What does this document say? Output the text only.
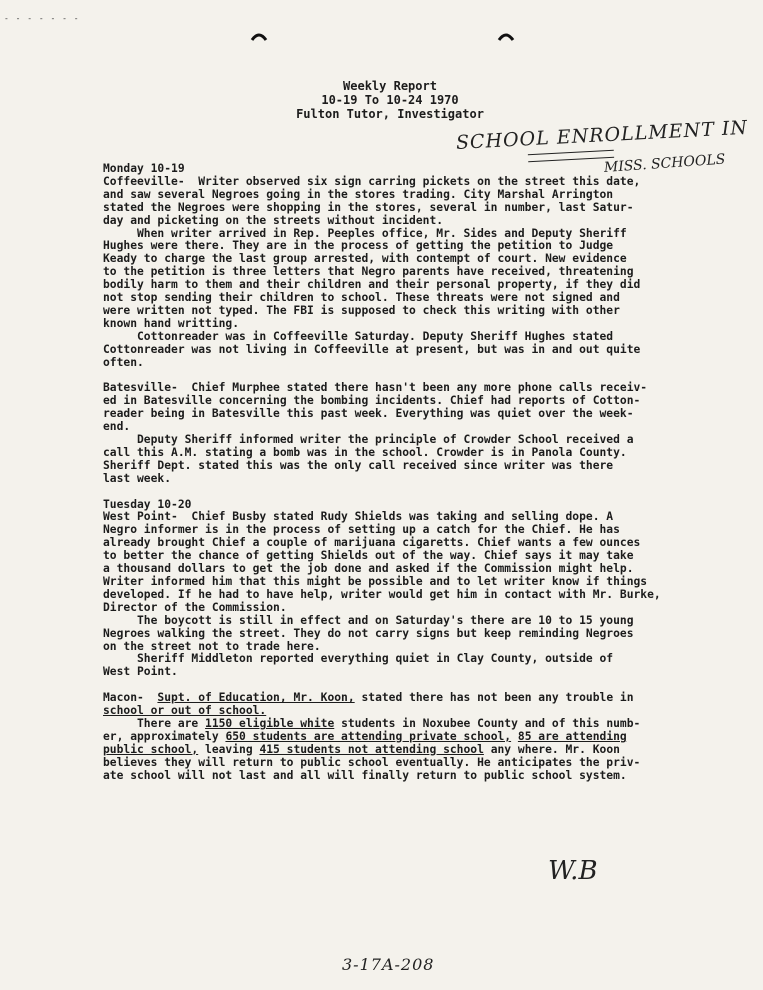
- - - - - - -
Weekly Report
10-19 To 10-24 1970
Fulton Tutor, Investigator
SCHOOL ENROLLMENT IN
MISS. SCHOOLS
Monday 10-19
Coffeeville-  Writer observed six sign carring pickets on the street this date,
and saw several Negroes going in the stores trading. City Marshal Arrington
stated the Negroes were shopping in the stores, several in number, last Satur-
day and picketing on the streets without incident.
When writer arrived in Rep. Peeples office, Mr. Sides and Deputy Sheriff
Hughes were there. They are in the process of getting the petition to Judge
Keady to charge the last group arrested, with contempt of court. New evidence
to the petition is three letters that Negro parents have received, threatening
bodily harm to them and their children and their personal property, if they did
not stop sending their children to school. These threats were not signed and
were written not typed. The FBI is supposed to check this writing with other
known hand writting.
Cottonreader was in Coffeeville Saturday. Deputy Sheriff Hughes stated
Cottonreader was not living in Coffeeville at present, but was in and out quite
often.
Batesville-  Chief Murphee stated there hasn't been any more phone calls receiv-
ed in Batesville concerning the bombing incidents. Chief had reports of Cotton-
reader being in Batesville this past week. Everything was quiet over the week-
end.
Deputy Sheriff informed writer the principle of Crowder School received a
call this A.M. stating a bomb was in the school. Crowder is in Panola County.
Sheriff Dept. stated this was the only call received since writer was there
last week.
Tuesday 10-20
West Point-  Chief Busby stated Rudy Shields was taking and selling dope. A
Negro informer is in the process of setting up a catch for the Chief. He has
already brought Chief a couple of marijuana cigaretts. Chief wants a few ounces
to better the chance of getting Shields out of the way. Chief says it may take
a thousand dollars to get the job done and asked if the Commission might help.
Writer informed him that this might be possible and to let writer know if things
developed. If he had to have help, writer would get him in contact with Mr. Burke,
Director of the Commission.
The boycott is still in effect and on Saturday's there are 10 to 15 young
Negroes walking the street. They do not carry signs but keep reminding Negroes
on the street not to trade here.
Sheriff Middleton reported everything quiet in Clay County, outside of
West Point.
Macon-  Supt. of Education, Mr. Koon, stated there has not been any trouble in
school or out of school.
There are 1150 eligible white students in Noxubee County and of this numb-
er, approximately 650 students are attending private school, 85 are attending
public school, leaving 415 students not attending school any where. Mr. Koon
believes they will return to public school eventually. He anticipates the priv-
ate school will not last and all will finally return to public school system.
W.B
3-17A-208
